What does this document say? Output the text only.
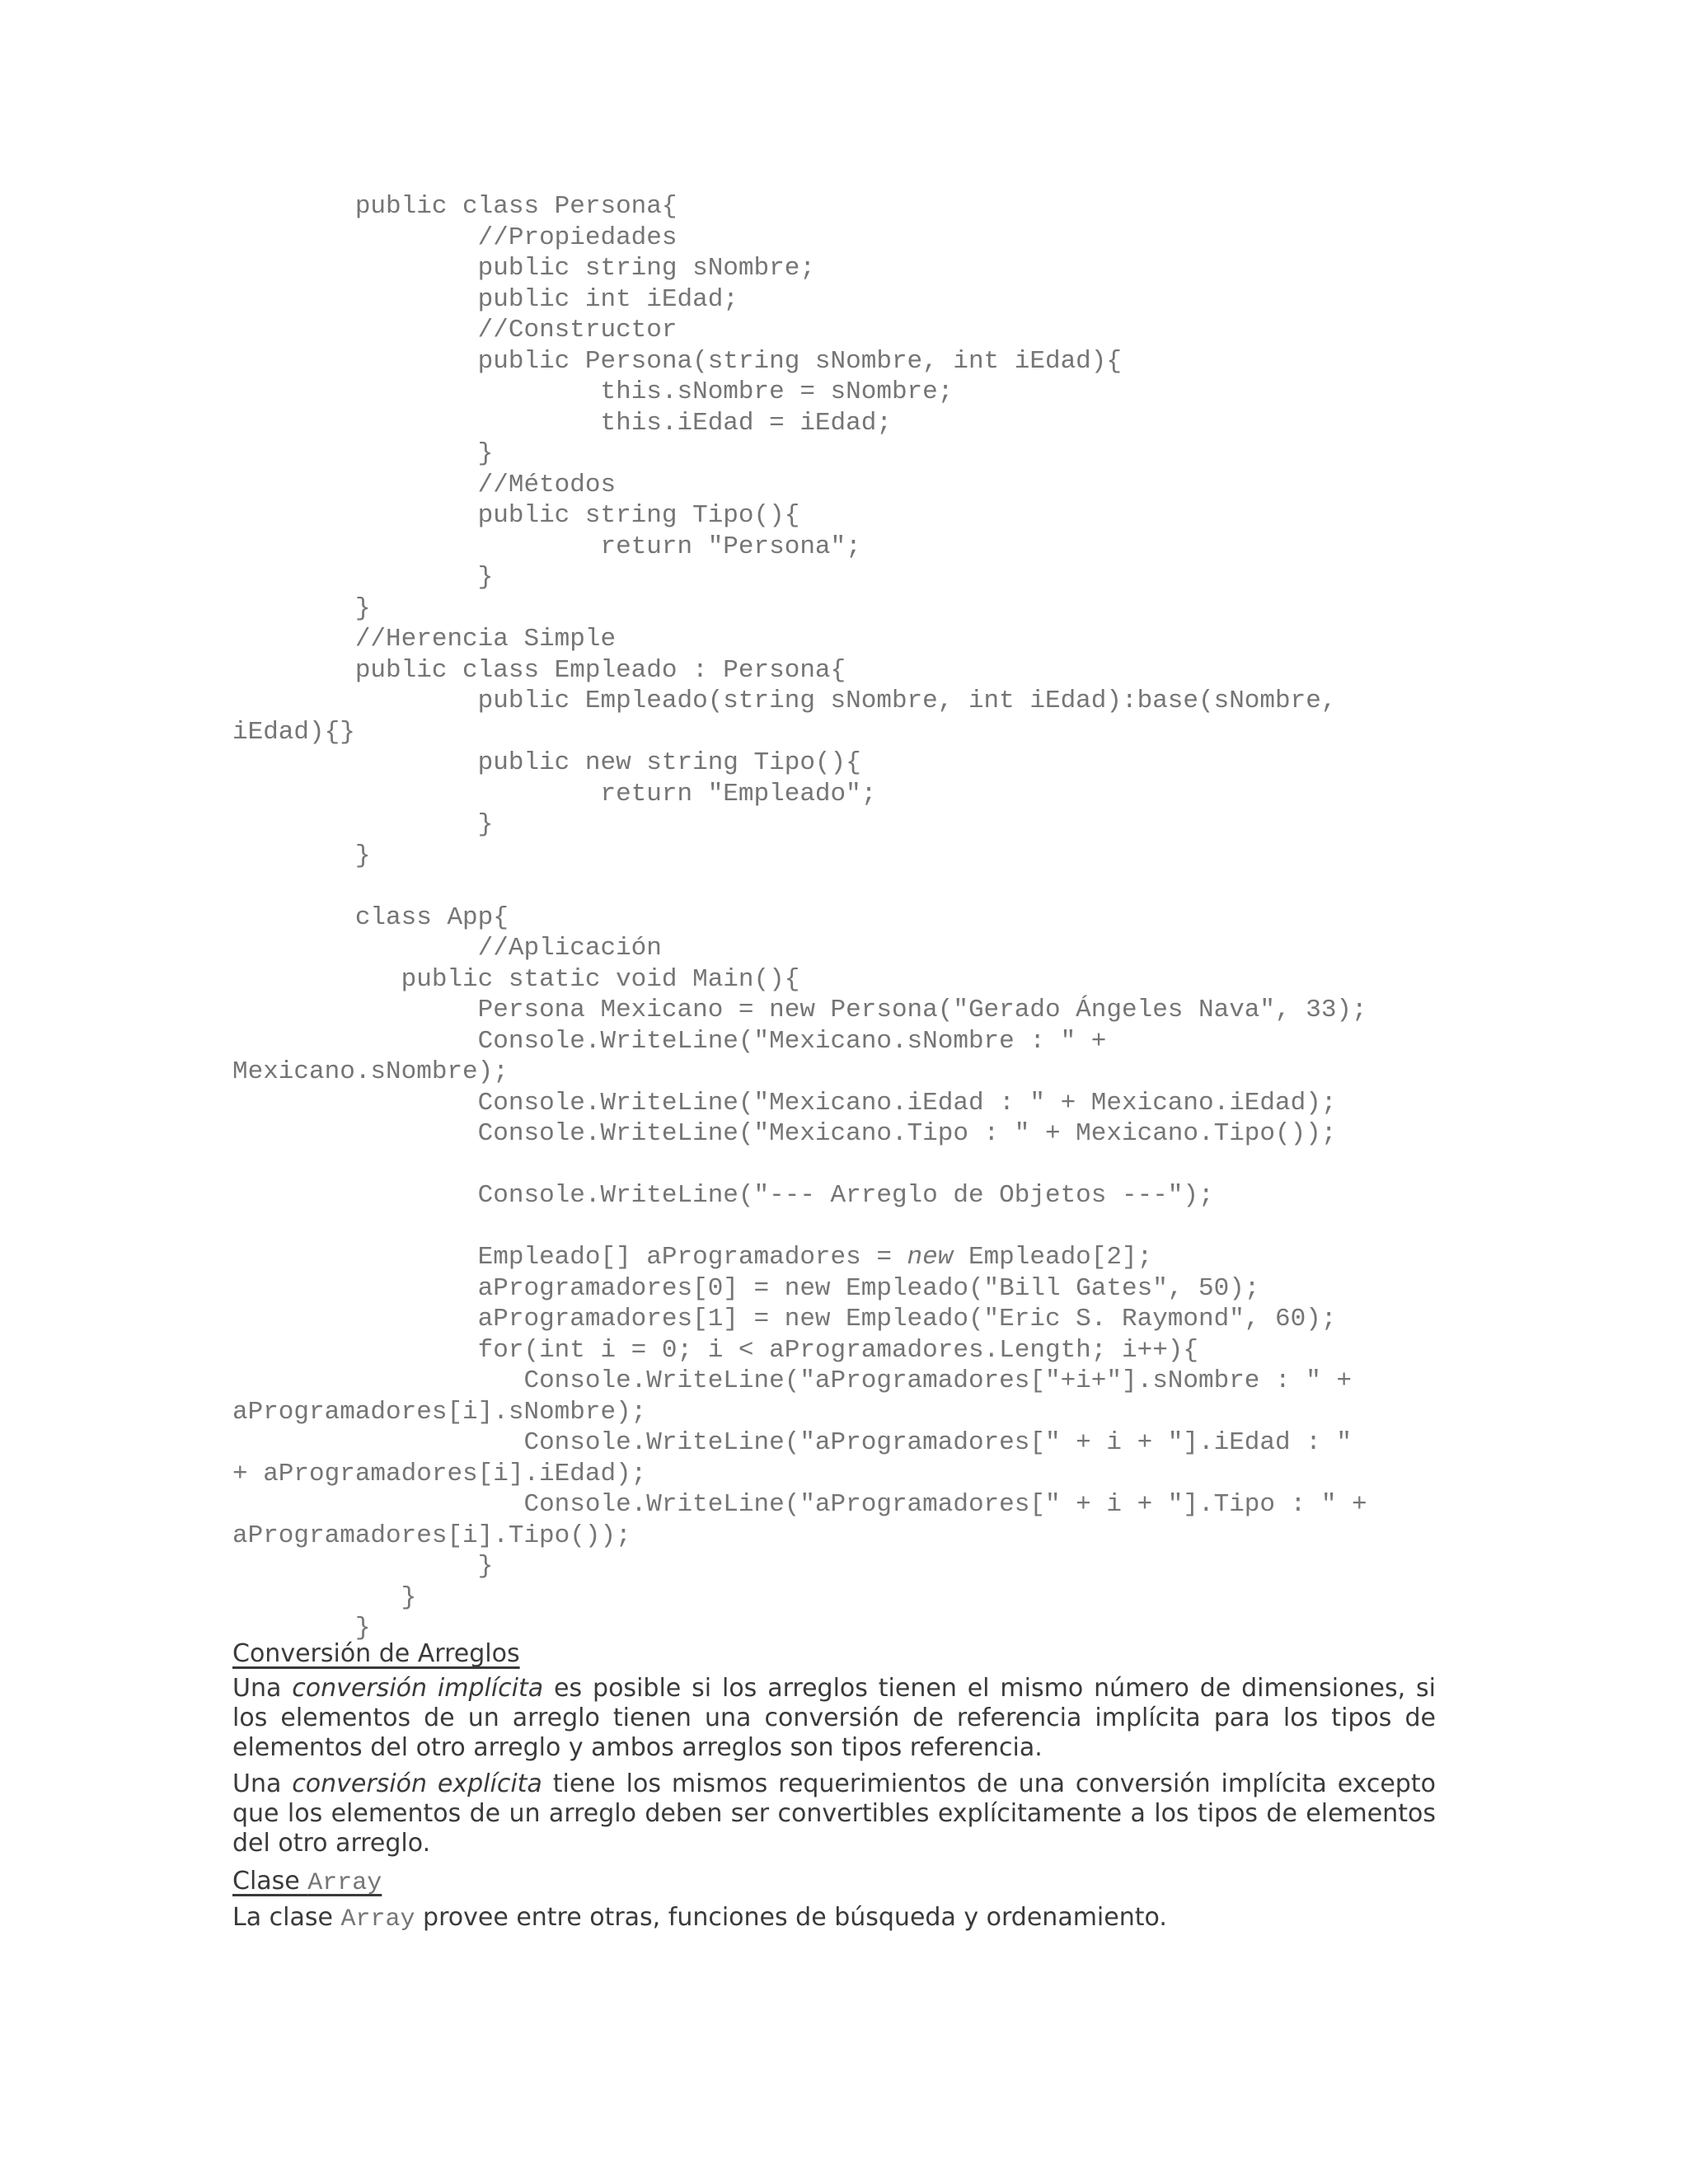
public class Persona{
//Propiedades
public string sNombre;
public int iEdad;
//Constructor
public Persona(string sNombre, int iEdad){
this.sNombre = sNombre;
this.iEdad = iEdad;
}
//Métodos
public string Tipo(){
return "Persona";
}
}
//Herencia Simple
public class Empleado : Persona{
public Empleado(string sNombre, int iEdad):base(sNombre,
iEdad){}
public new string Tipo(){
return "Empleado";
}
}
class App{
//Aplicación
public static void Main(){
Persona Mexicano = new Persona("Gerado Ángeles Nava", 33);
Console.WriteLine("Mexicano.sNombre : " +
Mexicano.sNombre);
Console.WriteLine("Mexicano.iEdad : " + Mexicano.iEdad);
Console.WriteLine("Mexicano.Tipo : " + Mexicano.Tipo());
Console.WriteLine("--- Arreglo de Objetos ---");
Empleado[] aProgramadores = new Empleado[2];
aProgramadores[0] = new Empleado("Bill Gates", 50);
aProgramadores[1] = new Empleado("Eric S. Raymond", 60);
for(int i = 0; i < aProgramadores.Length; i++){
Console.WriteLine("aProgramadores["+i+"].sNombre : " +
aProgramadores[i].sNombre);
Console.WriteLine("aProgramadores[" + i + "].iEdad : "
+ aProgramadores[i].iEdad);
Console.WriteLine("aProgramadores[" + i + "].Tipo : " +
aProgramadores[i].Tipo());
}
}
}

Conversión de Arreglos

Una conversión implícita es posible si los arreglos tienen el mismo número de dimensiones, si los elementos de un arreglo tienen una conversión de referencia implícita para los tipos de elementos del otro arreglo y ambos arreglos son tipos referencia.

Una conversión explícita tiene los mismos requerimientos de una conversión implícita excepto que los elementos de un arreglo deben ser convertibles explícitamente a los tipos de elementos del otro arreglo.

Clase Array

La clase Array provee entre otras, funciones de búsqueda y ordenamiento.
